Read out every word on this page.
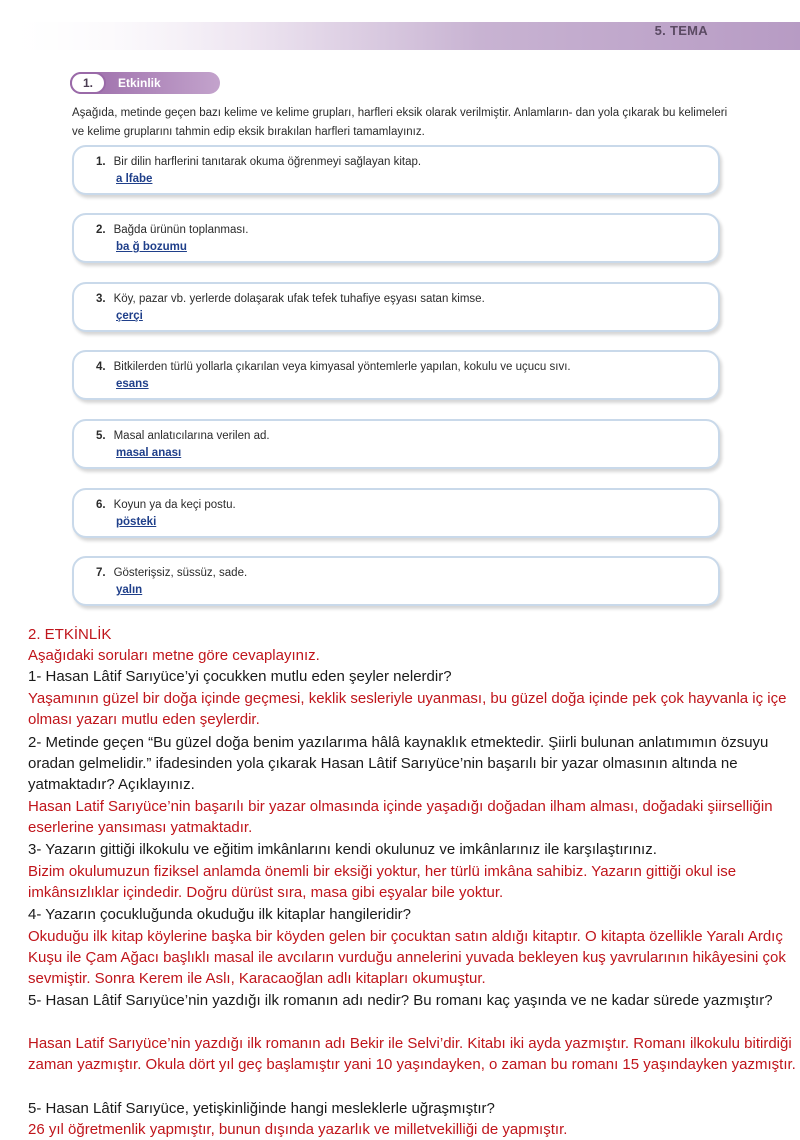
5. TEMA
1.	Etkinlik
Aşağıda, metinde geçen bazı kelime ve kelime grupları, harfleri eksik olarak verilmiştir. Anlamların- dan yola çıkarak bu kelimeleri ve kelime gruplarını tahmin edip eksik bırakılan harfleri tamamlayınız.
1. Bir dilin harflerini tanıtarak okuma öğrenmeyi sağlayan kitap.
a lfabe
2. Bağda ürünün toplanması.
ba ğ bozumu
3. Köy, pazar vb. yerlerde dolaşarak ufak tefek tuhafiye eşyası satan kimse.
çerçi
4. Bitkilerden türlü yollarla çıkarılan veya kimyasal yöntemlerle yapılan, kokulu ve uçucu sıvı.
esans
5. Masal anlatıcılarına verilen ad.
masal anası
6. Koyun ya da keçi postu.
pösteki
7. Gösterişsiz, süssüz, sade.
yalın
2. ETKİNLİK
Aşağıdaki soruları metne göre cevaplayınız.
1- Hasan Lâtif Sarıyüce’yi çocukken mutlu eden şeyler nelerdir?
Yaşamının güzel bir doğa içinde geçmesi, keklik sesleriyle uyanması, bu güzel doğa içinde pek çok hayvanla iç içe olması yazarı mutlu eden şeylerdir.
2- Metinde geçen “Bu güzel doğa benim yazılarıma hâlâ kaynaklık etmektedir. Şiirli bulunan anlatımımın özsuyu oradan gelmelidir.” ifadesinden yola çıkarak Hasan Lâtif Sarıyüce’nin başarılı bir yazar olmasının altında ne yatmaktadır? Açıklayınız.
Hasan Latif Sarıyüce’nin başarılı bir yazar olmasında içinde yaşadığı doğadan ilham alması, doğadaki şiirselliğin eserlerine yansıması yatmaktadır.
3- Yazarın gittiği ilkokulu ve eğitim imkânlarını kendi okulunuz ve imkânlarınız ile karşılaştırınız.
Bizim okulumuzun fiziksel anlamda önemli bir eksiği yoktur, her türlü imkâna sahibiz. Yazarın gittiği okul ise imkânsızlıklar içindedir. Doğru dürüst sıra, masa gibi eşyalar bile yoktur.
4- Yazarın çocukluğunda okuduğu ilk kitaplar hangileridir?
Okuduğu ilk kitap köylerine başka bir köyden gelen bir çocuktan satın aldığı kitaptır. O kitapta özellikle Yaralı Ardıç Kuşu ile Çam Ağacı başlıklı masal ile avcıların vurduğu annelerini yuvada bekleyen kuş yavrularının hikâyesini çok sevmiştir. Sonra Kerem ile Aslı, Karacaoğlan adlı kitapları okumuştur.
5- Hasan Lâtif Sarıyüce’nin yazdığı ilk romanın adı nedir? Bu romanı kaç yaşında ve ne kadar sürede yazmıştır?
Hasan Latif Sarıyüce’nin yazdığı ilk romanın adı Bekir ile Selvi’dir. Kitabı iki ayda yazmıştır. Romanı ilkokulu bitirdiği zaman yazmıştır. Okula dört yıl geç başlamıştır yani 10 yaşındayken, o zaman bu romanı 15 yaşındayken yazmıştır.
5- Hasan Lâtif Sarıyüce, yetişkinliğinde hangi mesleklerle uğraşmıştır?
26 yıl öğretmenlik yapmıştır, bunun dışında yazarlık ve milletvekilliği de yapmıştır.
